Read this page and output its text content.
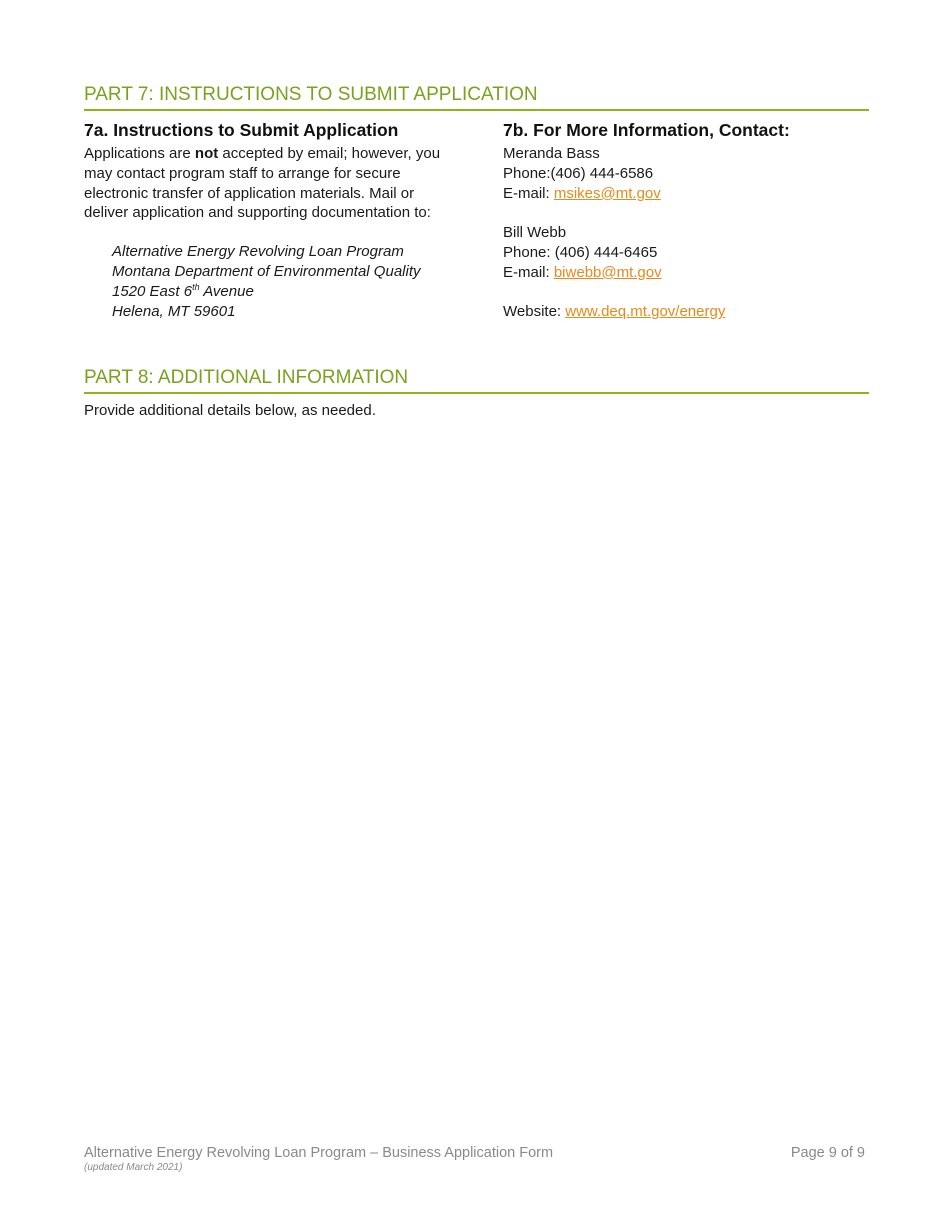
PART 7: INSTRUCTIONS TO SUBMIT APPLICATION
7a. Instructions to Submit Application

Applications are not accepted by email; however, you may contact program staff to arrange for secure electronic transfer of application materials. Mail or deliver application and supporting documentation to:

Alternative Energy Revolving Loan Program
Montana Department of Environmental Quality
1520 East 6th Avenue
Helena, MT 59601
7b. For More Information, Contact:
Meranda Bass
Phone:(406) 444-6586
E-mail: msikes@mt.gov
Bill Webb
Phone: (406) 444-6465
E-mail: biwebb@mt.gov
Website: www.deq.mt.gov/energy
PART 8: ADDITIONAL INFORMATION
Provide additional details below, as needed.
Alternative Energy Revolving Loan Program – Business Application Form
(updated March 2021)
Page 9 of 9
